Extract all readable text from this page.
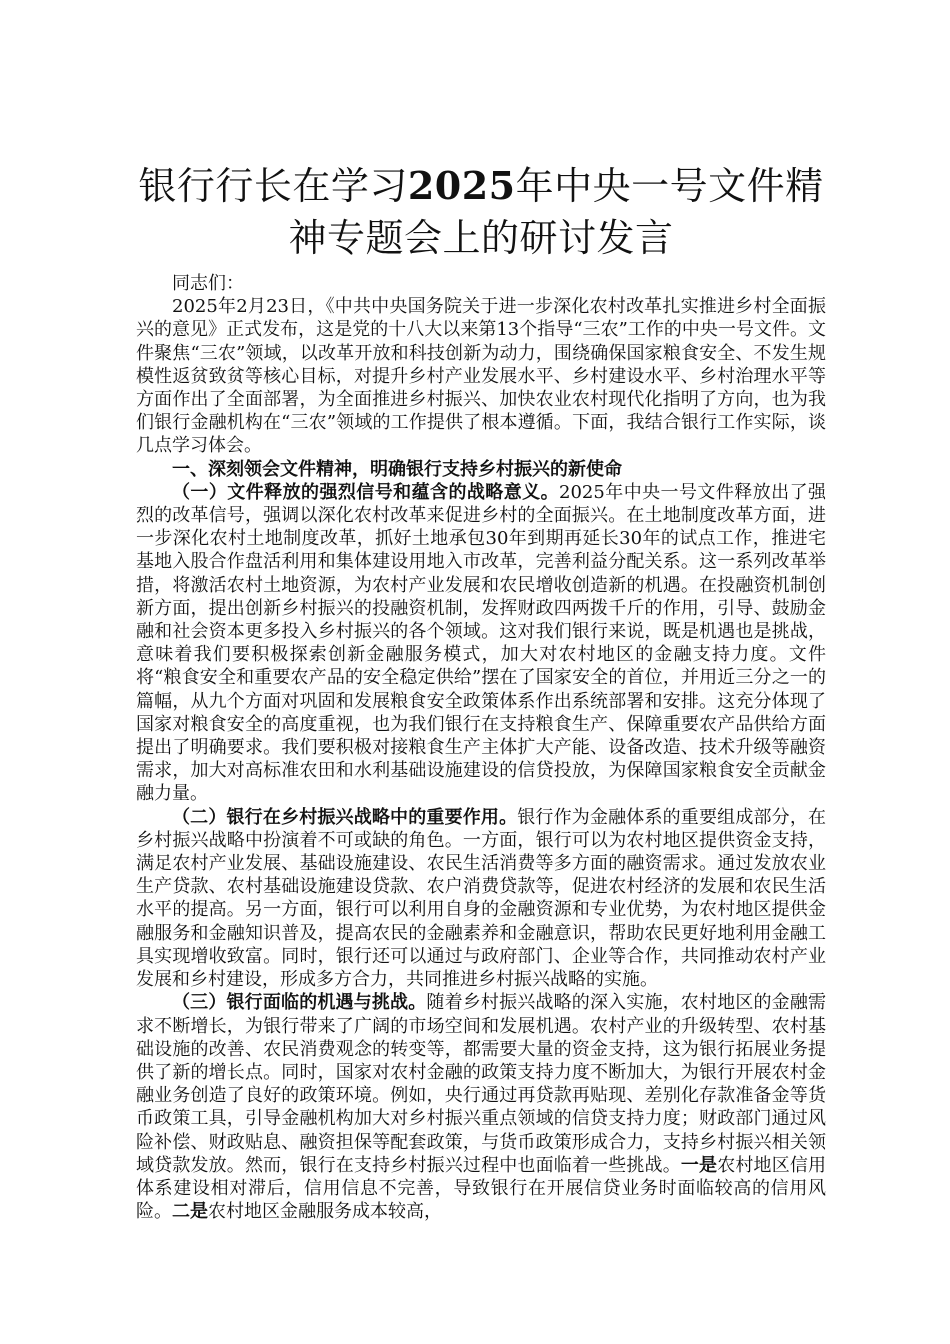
银行行长在学习2025年中央一号文件精神专题会上的研讨发言

同志们：

2025年2月23日，《中共中央国务院关于进一步深化农村改革扎实推进乡村全面振兴的意见》正式发布，这是党的十八大以来第13个指导“三农”工作的中央一号文件。文件聚焦“三农”领域，以改革开放和科技创新为动力，围绕确保国家粮食安全、不发生规模性返贫致贫等核心目标，对提升乡村产业发展水平、乡村建设水平、乡村治理水平等方面作出了全面部署，为全面推进乡村振兴、加快农业农村现代化指明了方向，也为我们银行金融机构在“三农”领域的工作提供了根本遵循。下面，我结合银行工作实际，谈几点学习体会。

一、深刻领会文件精神，明确银行支持乡村振兴的新使命

（一）文件释放的强烈信号和蕴含的战略意义。2025年中央一号文件释放出了强烈的改革信号，强调以深化农村改革来促进乡村的全面振兴。在土地制度改革方面，进一步深化农村土地制度改革，抓好土地承包30年到期再延长30年的试点工作，推进宅基地入股合作盘活利用和集体建设用地入市改革，完善利益分配关系。这一系列改革举措，将激活农村土地资源，为农村产业发展和农民增收创造新的机遇。在投融资机制创新方面，提出创新乡村振兴的投融资机制，发挥财政四两拨千斤的作用，引导、鼓励金融和社会资本更多投入乡村振兴的各个领域。这对我们银行来说，既是机遇也是挑战，意味着我们要积极探索创新金融服务模式，加大对农村地区的金融支持力度。文件将“粮食安全和重要农产品的安全稳定供给”摆在了国家安全的首位，并用近三分之一的篇幅，从九个方面对巩固和发展粮食安全政策体系作出系统部署和安排。这充分体现了国家对粮食安全的高度重视，也为我们银行在支持粮食生产、保障重要农产品供给方面提出了明确要求。我们要积极对接粮食生产主体扩大产能、设备改造、技术升级等融资需求，加大对高标准农田和水利基础设施建设的信贷投放，为保障国家粮食安全贡献金融力量。

（二）银行在乡村振兴战略中的重要作用。银行作为金融体系的重要组成部分，在乡村振兴战略中扮演着不可或缺的角色。一方面，银行可以为农村地区提供资金支持，满足农村产业发展、基础设施建设、农民生活消费等多方面的融资需求。通过发放农业生产贷款、农村基础设施建设贷款、农户消费贷款等，促进农村经济的发展和农民生活水平的提高。另一方面，银行可以利用自身的金融资源和专业优势，为农村地区提供金融服务和金融知识普及，提高农民的金融素养和金融意识，帮助农民更好地利用金融工具实现增收致富。同时，银行还可以通过与政府部门、企业等合作，共同推动农村产业发展和乡村建设，形成多方合力，共同推进乡村振兴战略的实施。

（三）银行面临的机遇与挑战。随着乡村振兴战略的深入实施，农村地区的金融需求不断增长，为银行带来了广阔的市场空间和发展机遇。农村产业的升级转型、农村基础设施的改善、农民消费观念的转变等，都需要大量的资金支持，这为银行拓展业务提供了新的增长点。同时，国家对农村金融的政策支持力度不断加大，为银行开展农村金融业务创造了良好的政策环境。例如，央行通过再贷款再贴现、差别化存款准备金等货币政策工具，引导金融机构加大对乡村振兴重点领域的信贷支持力度；财政部门通过风险补偿、财政贴息、融资担保等配套政策，与货币政策形成合力，支持乡村振兴相关领域贷款发放。然而，银行在支持乡村振兴过程中也面临着一些挑战。一是农村地区信用体系建设相对滞后，信用信息不完善，导致银行在开展信贷业务时面临较高的信用风险。二是农村地区金融服务成本较高，
